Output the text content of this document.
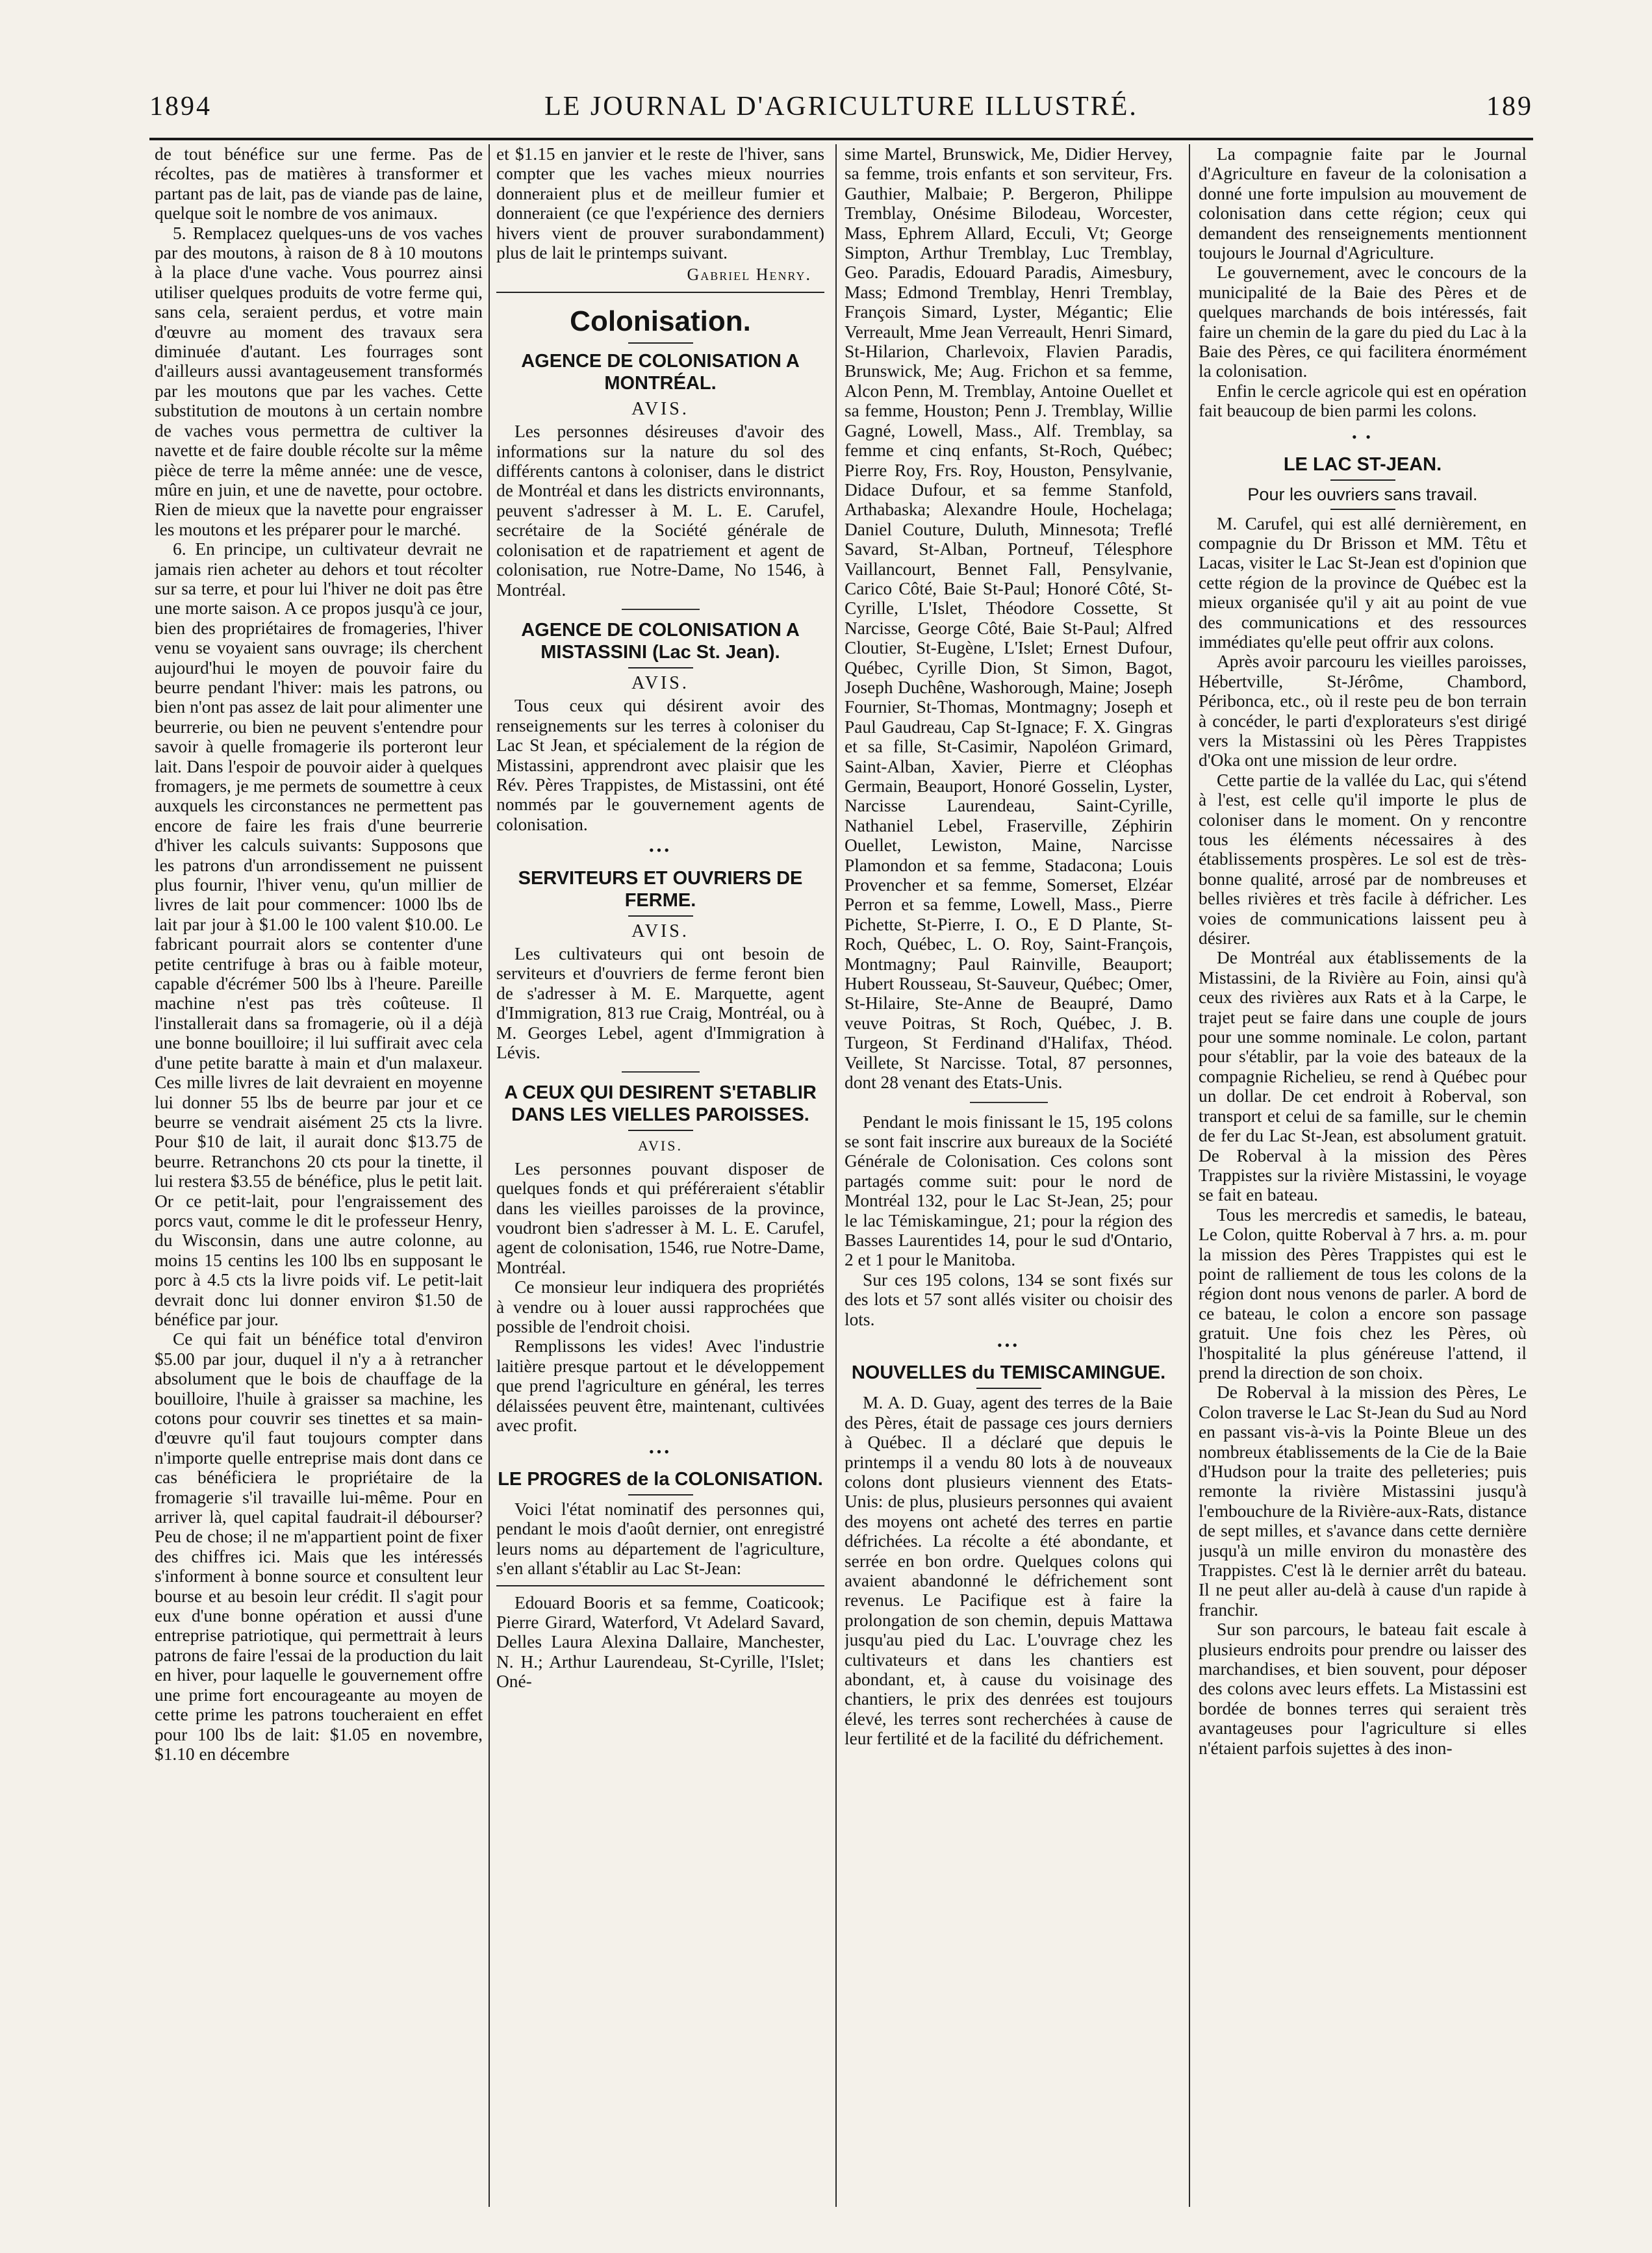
1894	LE JOURNAL D'AGRICULTURE ILLUSTRÉ.	189

de tout bénéfice sur une ferme. Pas de récoltes, pas de matières à transformer et partant pas de lait, pas de viande pas de laine, quelque soit le nombre de vos animaux.

5. Remplacez quelques-uns de vos vaches par des moutons, à raison de 8 à 10 moutons à la place d'une vache. Vous pourrez ainsi utiliser quelques produits de votre ferme qui, sans cela, seraient perdus, et votre main d'œuvre au moment des travaux sera diminuée d'autant. Les fourrages sont d'ailleurs aussi avantageusement transformés par les moutons que par les vaches. Cette substitution de moutons à un certain nombre de vaches vous permettra de cultiver la navette et de faire double récolte sur la même pièce de terre la même année: une de vesce, mûre en juin, et une de navette, pour octobre. Rien de mieux que la navette pour engraisser les moutons et les préparer pour le marché.

6. En principe, un cultivateur devrait ne jamais rien acheter au dehors et tout récolter sur sa terre, et pour lui l'hiver ne doit pas être une morte saison. A ce propos jusqu'à ce jour, bien des propriétaires de fromageries, l'hiver venu se voyaient sans ouvrage; ils cherchent aujourd'hui le moyen de pouvoir faire du beurre pendant l'hiver: mais les patrons, ou bien n'ont pas assez de lait pour alimenter une beurrerie, ou bien ne peuvent s'entendre pour savoir à quelle fromagerie ils porteront leur lait. Dans l'espoir de pouvoir aider à quelques fromagers, je me permets de soumettre à ceux auxquels les circonstances ne permettent pas encore de faire les frais d'une beurrerie d'hiver les calculs suivants: Supposons que les patrons d'un arrondissement ne puissent plus fournir, l'hiver venu, qu'un millier de livres de lait pour commencer: 1000 lbs de lait par jour à $1.00 le 100 valent $10.00. Le fabricant pourrait alors se contenter d'une petite centrifuge à bras ou à faible moteur, capable d'écrémer 500 lbs à l'heure. Pareille machine n'est pas très coûteuse. Il l'installerait dans sa fromagerie, où il a déjà une bonne bouilloire; il lui suffirait avec cela d'une petite baratte à main et d'un malaxeur. Ces mille livres de lait devraient en moyenne lui donner 55 lbs de beurre par jour et ce beurre se vendrait aisément 25 cts la livre. Pour $10 de lait, il aurait donc $13.75 de beurre. Retranchons 20 cts pour la tinette, il lui restera $3.55 de bénéfice, plus le petit lait. Or ce petit-lait, pour l'engraissement des porcs vaut, comme le dit le professeur Henry, du Wisconsin, dans une autre colonne, au moins 15 centins les 100 lbs en supposant le porc à 4.5 cts la livre poids vif. Le petit-lait devrait donc lui donner environ $1.50 de bénéfice par jour.

Ce qui fait un bénéfice total d'environ $5.00 par jour, duquel il n'y a à retrancher absolument que le bois de chauffage de la bouilloire, l'huile à graisser sa machine, les cotons pour couvrir ses tinettes et sa main-d'œuvre qu'il faut toujours compter dans n'importe quelle entreprise mais dont dans ce cas bénéficiera le propriétaire de la fromagerie s'il travaille lui-même. Pour en arriver là, quel capital faudrait-il débourser? Peu de chose; il ne m'appartient point de fixer des chiffres ici. Mais que les intéressés s'informent à bonne source et consultent leur bourse et au besoin leur crédit. Il s'agit pour eux d'une bonne opération et aussi d'une entreprise patriotique, qui permettrait à leurs patrons de faire l'essai de la production du lait en hiver, pour laquelle le gouvernement offre une prime fort encourageante au moyen de cette prime les patrons toucheraient en effet pour 100 lbs de lait: $1.05 en novembre, $1.10 en décembre

et $1.15 en janvier et le reste de l'hiver, sans compter que les vaches mieux nourries donneraient plus et de meilleur fumier et donneraient (ce que l'expérience des derniers hivers vient de prouver surabondamment) plus de lait le printemps suivant.

Gabriel Henry.
Colonisation.
AGENCE DE COLONISATION A MONTRÉAL.
AVIS.

Les personnes désireuses d'avoir des informations sur la nature du sol des différents cantons à coloniser, dans le district de Montréal et dans les districts environnants, peuvent s'adresser à M. L. E. Carufel, secrétaire de la Société générale de colonisation et de rapatriement et agent de colonisation, rue Notre-Dame, No 1546, à Montréal.

AGENCE DE COLONISATION A MISTASSINI (Lac St. Jean).
AVIS.

Tous ceux qui désirent avoir des renseignements sur les terres à coloniser du Lac St Jean, et spécialement de la région de Mistassini, apprendront avec plaisir que les Rév. Pères Trappistes, de Mistassini, ont été nommés par le gouvernement agents de colonisation.

•••
SERVITEURS ET OUVRIERS DE FERME.
AVIS.

Les cultivateurs qui ont besoin de serviteurs et d'ouvriers de ferme feront bien de s'adresser à M. E. Marquette, agent d'Immigration, 813 rue Craig, Montréal, ou à M. Georges Lebel, agent d'Immigration à Lévis.

A CEUX QUI DESIRENT S'ETABLIR DANS LES VIELLES PAROISSES.
AVIS.

Les personnes pouvant disposer de quelques fonds et qui préféreraient s'établir dans les vieilles paroisses de la province, voudront bien s'adresser à M. L. E. Carufel, agent de colonisation, 1546, rue Notre-Dame, Montréal.

Ce monsieur leur indiquera des propriétés à vendre ou à louer aussi rapprochées que possible de l'endroit choisi.

Remplissons les vides! Avec l'industrie laitière presque partout et le développement que prend l'agriculture en général, les terres délaissées peuvent être, maintenant, cultivées avec profit.

•••
LE PROGRES de la COLONISATION.

Voici l'état nominatif des personnes qui, pendant le mois d'août dernier, ont enregistré leurs noms au département de l'agriculture, s'en allant s'établir au Lac St-Jean:

Edouard Booris et sa femme, Coaticook; Pierre Girard, Waterford, Vt Adelard Savard, Delles Laura Alexina Dallaire, Manchester, N. H.; Arthur Laurendeau, St-Cyrille, l'Islet; Oné-

sime Martel, Brunswick, Me, Didier Hervey, sa femme, trois enfants et son serviteur, Frs. Gauthier, Malbaie; P. Bergeron, Philippe Tremblay, Onésime Bilodeau, Worcester, Mass, Ephrem Allard, Ecculi, Vt; George Simpton, Arthur Tremblay, Luc Tremblay, Geo. Paradis, Edouard Paradis, Aimesbury, Mass; Edmond Tremblay, Henri Tremblay, François Simard, Lyster, Mégantic; Elie Verreault, Mme Jean Verreault, Henri Simard, St-Hilarion, Charlevoix, Flavien Paradis, Brunswick, Me; Aug. Frichon et sa femme, Alcon Penn, M. Tremblay, Antoine Ouellet et sa femme, Houston; Penn J. Tremblay, Willie Gagné, Lowell, Mass., Alf. Tremblay, sa femme et cinq enfants, St-Roch, Québec; Pierre Roy, Frs. Roy, Houston, Pensylvanie, Didace Dufour, et sa femme Stanfold, Arthabaska; Alexandre Houle, Hochelaga; Daniel Couture, Duluth, Minnesota; Treflé Savard, St-Alban, Portneuf, Télesphore Vaillancourt, Bennet Fall, Pensylvanie, Carico Côté, Baie St-Paul; Honoré Côté, St-Cyrille, L'Islet, Théodore Cossette, St Narcisse, George Côté, Baie St-Paul; Alfred Cloutier, St-Eugène, L'Islet; Ernest Dufour, Québec, Cyrille Dion, St Simon, Bagot, Joseph Duchêne, Washorough, Maine; Joseph Fournier, St-Thomas, Montmagny; Joseph et Paul Gaudreau, Cap St-Ignace; F. X. Gingras et sa fille, St-Casimir, Napoléon Grimard, Saint-Alban, Xavier, Pierre et Cléophas Germain, Beauport, Honoré Gosselin, Lyster, Narcisse Laurendeau, Saint-Cyrille, Nathaniel Lebel, Fraserville, Zéphirin Ouellet, Lewiston, Maine, Narcisse Plamondon et sa femme, Stadacona; Louis Provencher et sa femme, Somerset, Elzéar Perron et sa femme, Lowell, Mass., Pierre Pichette, St-Pierre, I. O., E D Plante, St-Roch, Québec, L. O. Roy, Saint-François, Montmagny; Paul Rainville, Beauport; Hubert Rousseau, St-Sauveur, Québec; Omer, St-Hilaire, Ste-Anne de Beaupré, Damo veuve Poitras, St Roch, Québec, J. B. Turgeon, St Ferdinand d'Halifax, Théod. Veillete, St Narcisse. Total, 87 personnes, dont 28 venant des Etats-Unis.

Pendant le mois finissant le 15, 195 colons se sont fait inscrire aux bureaux de la Société Générale de Colonisation. Ces colons sont partagés comme suit: pour le nord de Montréal 132, pour le Lac St-Jean, 25; pour le lac Témiskamingue, 21; pour la région des Basses Laurentides 14, pour le sud d'Ontario, 2 et 1 pour le Manitoba.

Sur ces 195 colons, 134 se sont fixés sur des lots et 57 sont allés visiter ou choisir des lots.

•••
NOUVELLES du TEMISCAMINGUE.

M. A. D. Guay, agent des terres de la Baie des Pères, était de passage ces jours derniers à Québec. Il a déclaré que depuis le printemps il a vendu 80 lots à de nouveaux colons dont plusieurs viennent des Etats-Unis: de plus, plusieurs personnes qui avaient des moyens ont acheté des terres en partie défrichées. La récolte a été abondante, et serrée en bon ordre. Quelques colons qui avaient abandonné le défrichement sont revenus. Le Pacifique est à faire la prolongation de son chemin, depuis Mattawa jusqu'au pied du Lac. L'ouvrage chez les cultivateurs et dans les chantiers est abondant, et, à cause du voisinage des chantiers, le prix des denrées est toujours élevé, les terres sont recherchées à cause de leur fertilité et de la facilité du défrichement.

La compagnie faite par le Journal d'Agriculture en faveur de la colonisation a donné une forte impulsion au mouvement de colonisation dans cette région; ceux qui demandent des renseignements mentionnent toujours le Journal d'Agriculture.

Le gouvernement, avec le concours de la municipalité de la Baie des Pères et de quelques marchands de bois intéressés, fait faire un chemin de la gare du pied du Lac à la Baie des Pères, ce qui facilitera énormément la colonisation.

Enfin le cercle agricole qui est en opération fait beaucoup de bien parmi les colons.

• •
LE LAC ST-JEAN.
Pour les ouvriers sans travail.

M. Carufel, qui est allé dernièrement, en compagnie du Dr Brisson et MM. Têtu et Lacas, visiter le Lac St-Jean est d'opinion que cette région de la province de Québec est la mieux organisée qu'il y ait au point de vue des communications et des ressources immédiates qu'elle peut offrir aux colons.

Après avoir parcouru les vieilles paroisses, Hébertville, St-Jérôme, Chambord, Péribonca, etc., où il reste peu de bon terrain à concéder, le parti d'explorateurs s'est dirigé vers la Mistassini où les Pères Trappistes d'Oka ont une mission de leur ordre.

Cette partie de la vallée du Lac, qui s'étend à l'est, est celle qu'il importe le plus de coloniser dans le moment. On y rencontre tous les éléments nécessaires à des établissements prospères. Le sol est de très-bonne qualité, arrosé par de nombreuses et belles rivières et très facile à défricher. Les voies de communications laissent peu à désirer.

De Montréal aux établissements de la Mistassini, de la Rivière au Foin, ainsi qu'à ceux des rivières aux Rats et à la Carpe, le trajet peut se faire dans une couple de jours pour une somme nominale. Le colon, partant pour s'établir, par la voie des bateaux de la compagnie Richelieu, se rend à Québec pour un dollar. De cet endroit à Roberval, son transport et celui de sa famille, sur le chemin de fer du Lac St-Jean, est absolument gratuit. De Roberval à la mission des Pères Trappistes sur la rivière Mistassini, le voyage se fait en bateau.

Tous les mercredis et samedis, le bateau, Le Colon, quitte Roberval à 7 hrs. a. m. pour la mission des Pères Trappistes qui est le point de ralliement de tous les colons de la région dont nous venons de parler. A bord de ce bateau, le colon a encore son passage gratuit. Une fois chez les Pères, où l'hospitalité la plus généreuse l'attend, il prend la direction de son choix.

De Roberval à la mission des Pères, Le Colon traverse le Lac St-Jean du Sud au Nord en passant vis-à-vis la Pointe Bleue un des nombreux établissements de la Cie de la Baie d'Hudson pour la traite des pelleteries; puis remonte la rivière Mistassini jusqu'à l'embouchure de la Rivière-aux-Rats, distance de sept milles, et s'avance dans cette dernière jusqu'à un mille environ du monastère des Trappistes. C'est là le dernier arrêt du bateau. Il ne peut aller au-delà à cause d'un rapide à franchir.

Sur son parcours, le bateau fait escale à plusieurs endroits pour prendre ou laisser des marchandises, et bien souvent, pour déposer des colons avec leurs effets. La Mistassini est bordée de bonnes terres qui seraient très avantageuses pour l'agriculture si elles n'étaient parfois sujettes à des inon-
